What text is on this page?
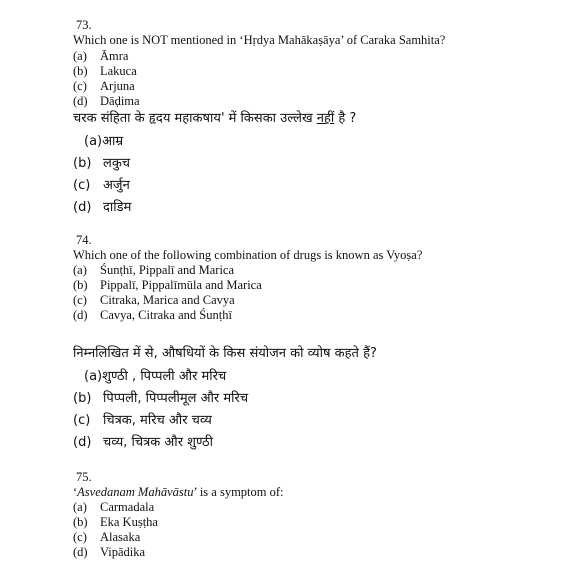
73.
Which one is NOT mentioned in ‘Hṛdya Mahākaṣāya’ of Caraka Samhita?
(a) Āmra
(b) Lakuca
(c) Arjuna
(d) Dāḍima
चरक संहिता के हृदय महाकषाय' में किसका उल्लेख नहीं है ?
(a)आम्र
(b) लकुच
(c) अर्जुन
(d) दाडिम
74.
Which one of the following combination of drugs is known as Vyoṣa?
(a) Śunṭhī, Pippalī and Marica
(b) Pippalī, Pippalīmūla and Marica
(c) Citraka, Marica and Cavya
(d) Cavya, Citraka and Śunṭhī
निम्नलिखित में से, औषधियों के किस संयोजन को व्योष कहते हैं?
(a)शुण्ठी , पिप्पली और मरिच
(b) पिप्पली, पिप्पलीमूल और मरिच
(c) चित्रक, मरिच और चव्य
(d) चव्य, चित्रक और शुण्ठी
75.
‘Asvedanam Mahāvāstu’ is a symptom of:
(a) Carmadala
(b) Eka Kuṣṭha
(c) Alasaka
(d) Vipādika
